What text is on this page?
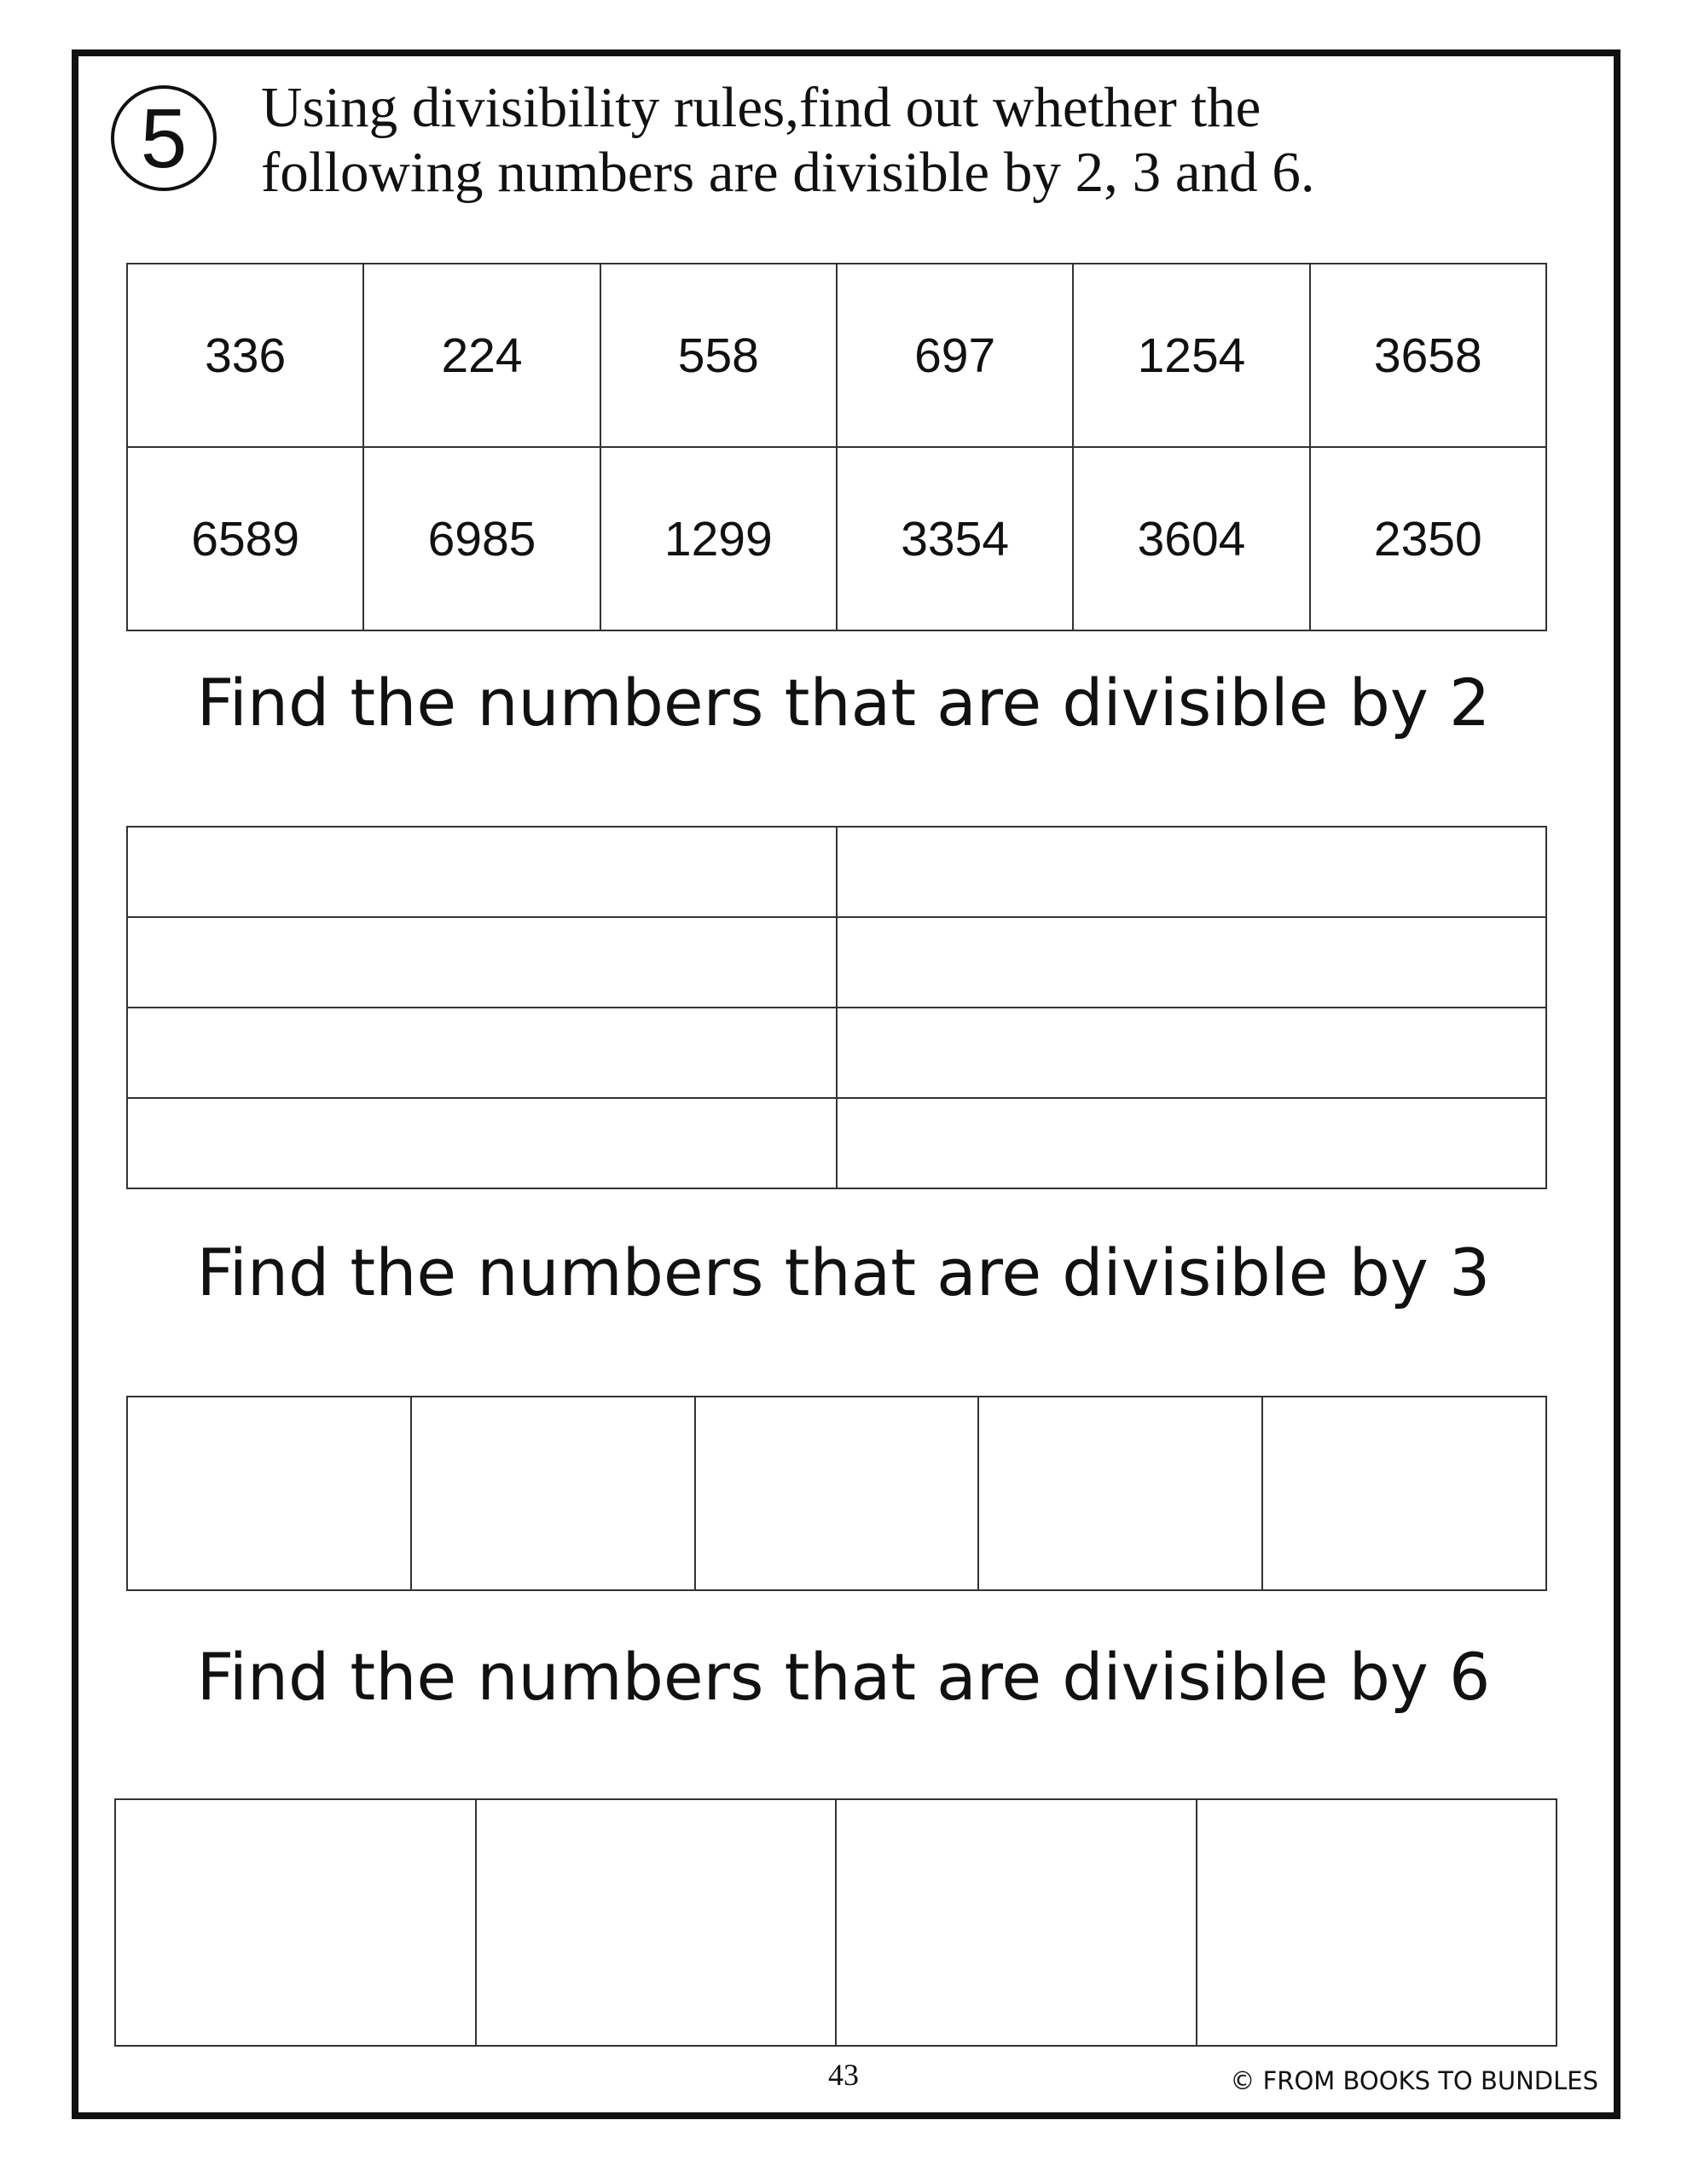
5	Using divisibility rules,find out whether the
following numbers are divisible by 2, 3 and 6.
336	224	558	697	1254	3658
6589	6985	1299	3354	3604	2350
Find the numbers that are divisible by 2

Find the numbers that are divisible by 3

Find the numbers that are divisible by 6

43	© FROM BOOKS TO BUNDLES
